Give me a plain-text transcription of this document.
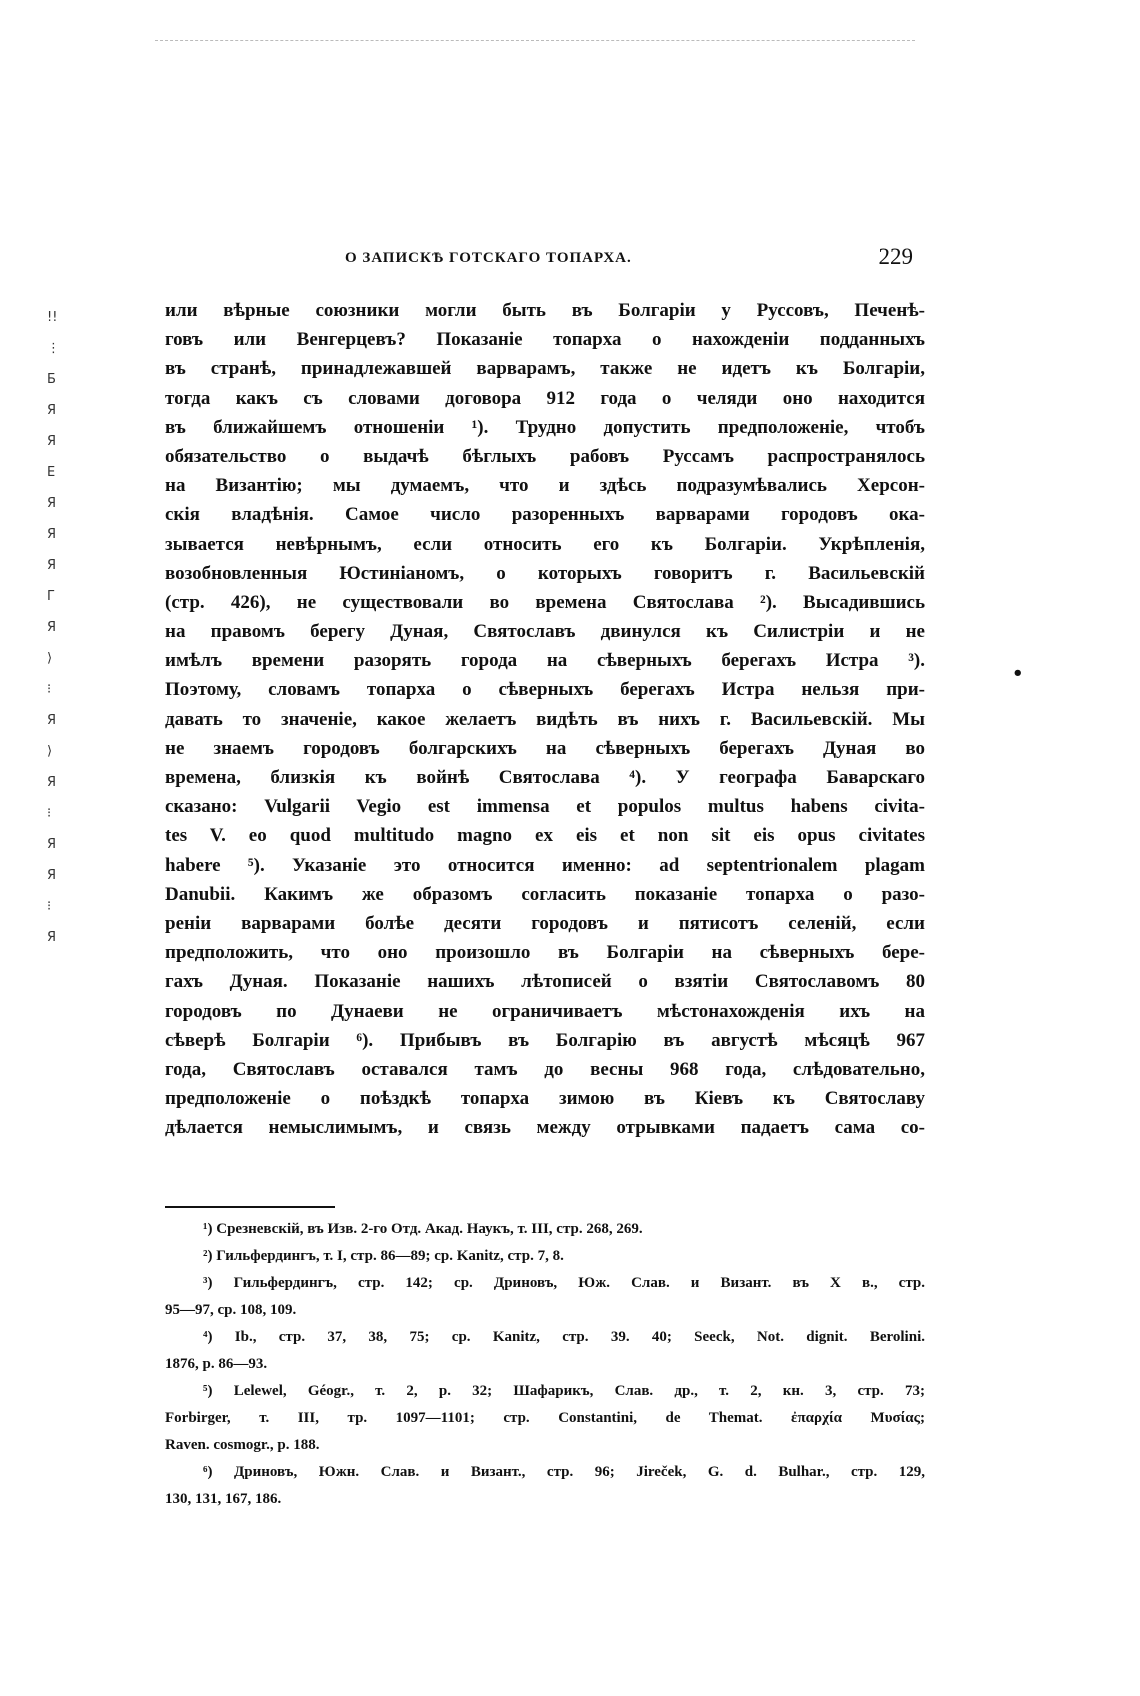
О ЗАПИСКѢ ГОТСКАГО ТОПАРХА.	229
!!
⋮
Б
Я
Я
Е
Я
Я
Я
Г
Я
⟩
⁝
Я
⟩
Я
⁝
Я
Я
⁝
Я
•
или вѣрные союзники могли быть въ Болгаріи у Руссовъ, Печенѣ-
говъ или Венгерцевъ? Показаніе топарха о нахожденіи подданныхъ
въ странѣ, принадлежавшей варварамъ, также не идетъ къ Болгаріи,
тогда какъ съ словами договора 912 года о челяди оно находится
въ ближайшемъ отношеніи ¹). Трудно допустить предположеніе, чтобъ
обязательство о выдачѣ бѣглыхъ рабовъ Руссамъ распространялось
на Византію; мы думаемъ, что и здѣсь подразумѣвались Херсон-
скія владѣнія. Самое число разоренныхъ варварами городовъ ока-
зывается невѣрнымъ, если относить его къ Болгаріи. Укрѣпленія,
возобновленныя Юстиніаномъ, о которыхъ говоритъ г. Васильевскій
(стр. 426), не существовали во времена Святослава ²). Высадившись
на правомъ берегу Дуная, Святославъ двинулся къ Силистріи и не
имѣлъ времени разорять города на сѣверныхъ берегахъ Истра ³).
Поэтому, словамъ топарха о сѣверныхъ берегахъ Истра нельзя при-
давать то значеніе, какое желаетъ видѣть въ нихъ г. Васильевскій. Мы
не знаемъ городовъ болгарскихъ на сѣверныхъ берегахъ Дуная во
времена, близкія къ войнѣ Святослава ⁴). У географа Баварскаго
сказано: Vulgarii Vegio est immensa et populos multus habens civita-
tes V. eo quod multitudo magno ex eis et non sit eis opus civitates
habere ⁵). Указаніе это относится именно: ad septentrionalem plagam
Danubii. Какимъ же образомъ согласить показаніе топарха о разо-
реніи варварами болѣе десяти городовъ и пятисотъ селеній, если
предположить, что оно произошло въ Болгаріи на сѣверныхъ бере-
гахъ Дуная. Показаніе нашихъ лѣтописей о взятіи Святославомъ 80
городовъ по Дунаеви не ограничиваетъ мѣстонахожденія ихъ на
сѣверѣ Болгаріи ⁶). Прибывъ въ Болгарію въ августѣ мѣсяцѣ 967
года, Святославъ оставался тамъ до весны 968 года, слѣдовательно,
предположеніе о поѣздкѣ топарха зимою въ Кіевъ къ Святославу
дѣлается немыслимымъ, и связь между отрывками падаетъ сама со-
¹) Срезневскій, въ Изв. 2-го Отд. Акад. Наукъ, т. III, стр. 268, 269.
²) Гильфердингъ, т. I, стр. 86—89; ср. Kanitz, стр. 7, 8.
³) Гильфердингъ, стр. 142; ср. Дриновъ, Юж. Слав. и Визант. въ X в., стр.
95—97, ср. 108, 109.
⁴) Ib., стр. 37, 38, 75; ср. Kanitz, стр. 39. 40; Seeck, Not. dignit. Berolini.
1876, p. 86—93.
⁵) Lelewel, Géogr., т. 2, p. 32; Шафарикъ, Слав. др., т. 2, кн. 3, стр. 73;
Forbirger, т. III, тр. 1097—1101; стр. Constantini, de Themat. ἐπαρχία Μυσίας;
Raven. cosmogr., p. 188.
⁶) Дриновъ, Южн. Слав. и Визант., стр. 96; Jireček, G. d. Bulhar., стр. 129,
130, 131, 167, 186.
